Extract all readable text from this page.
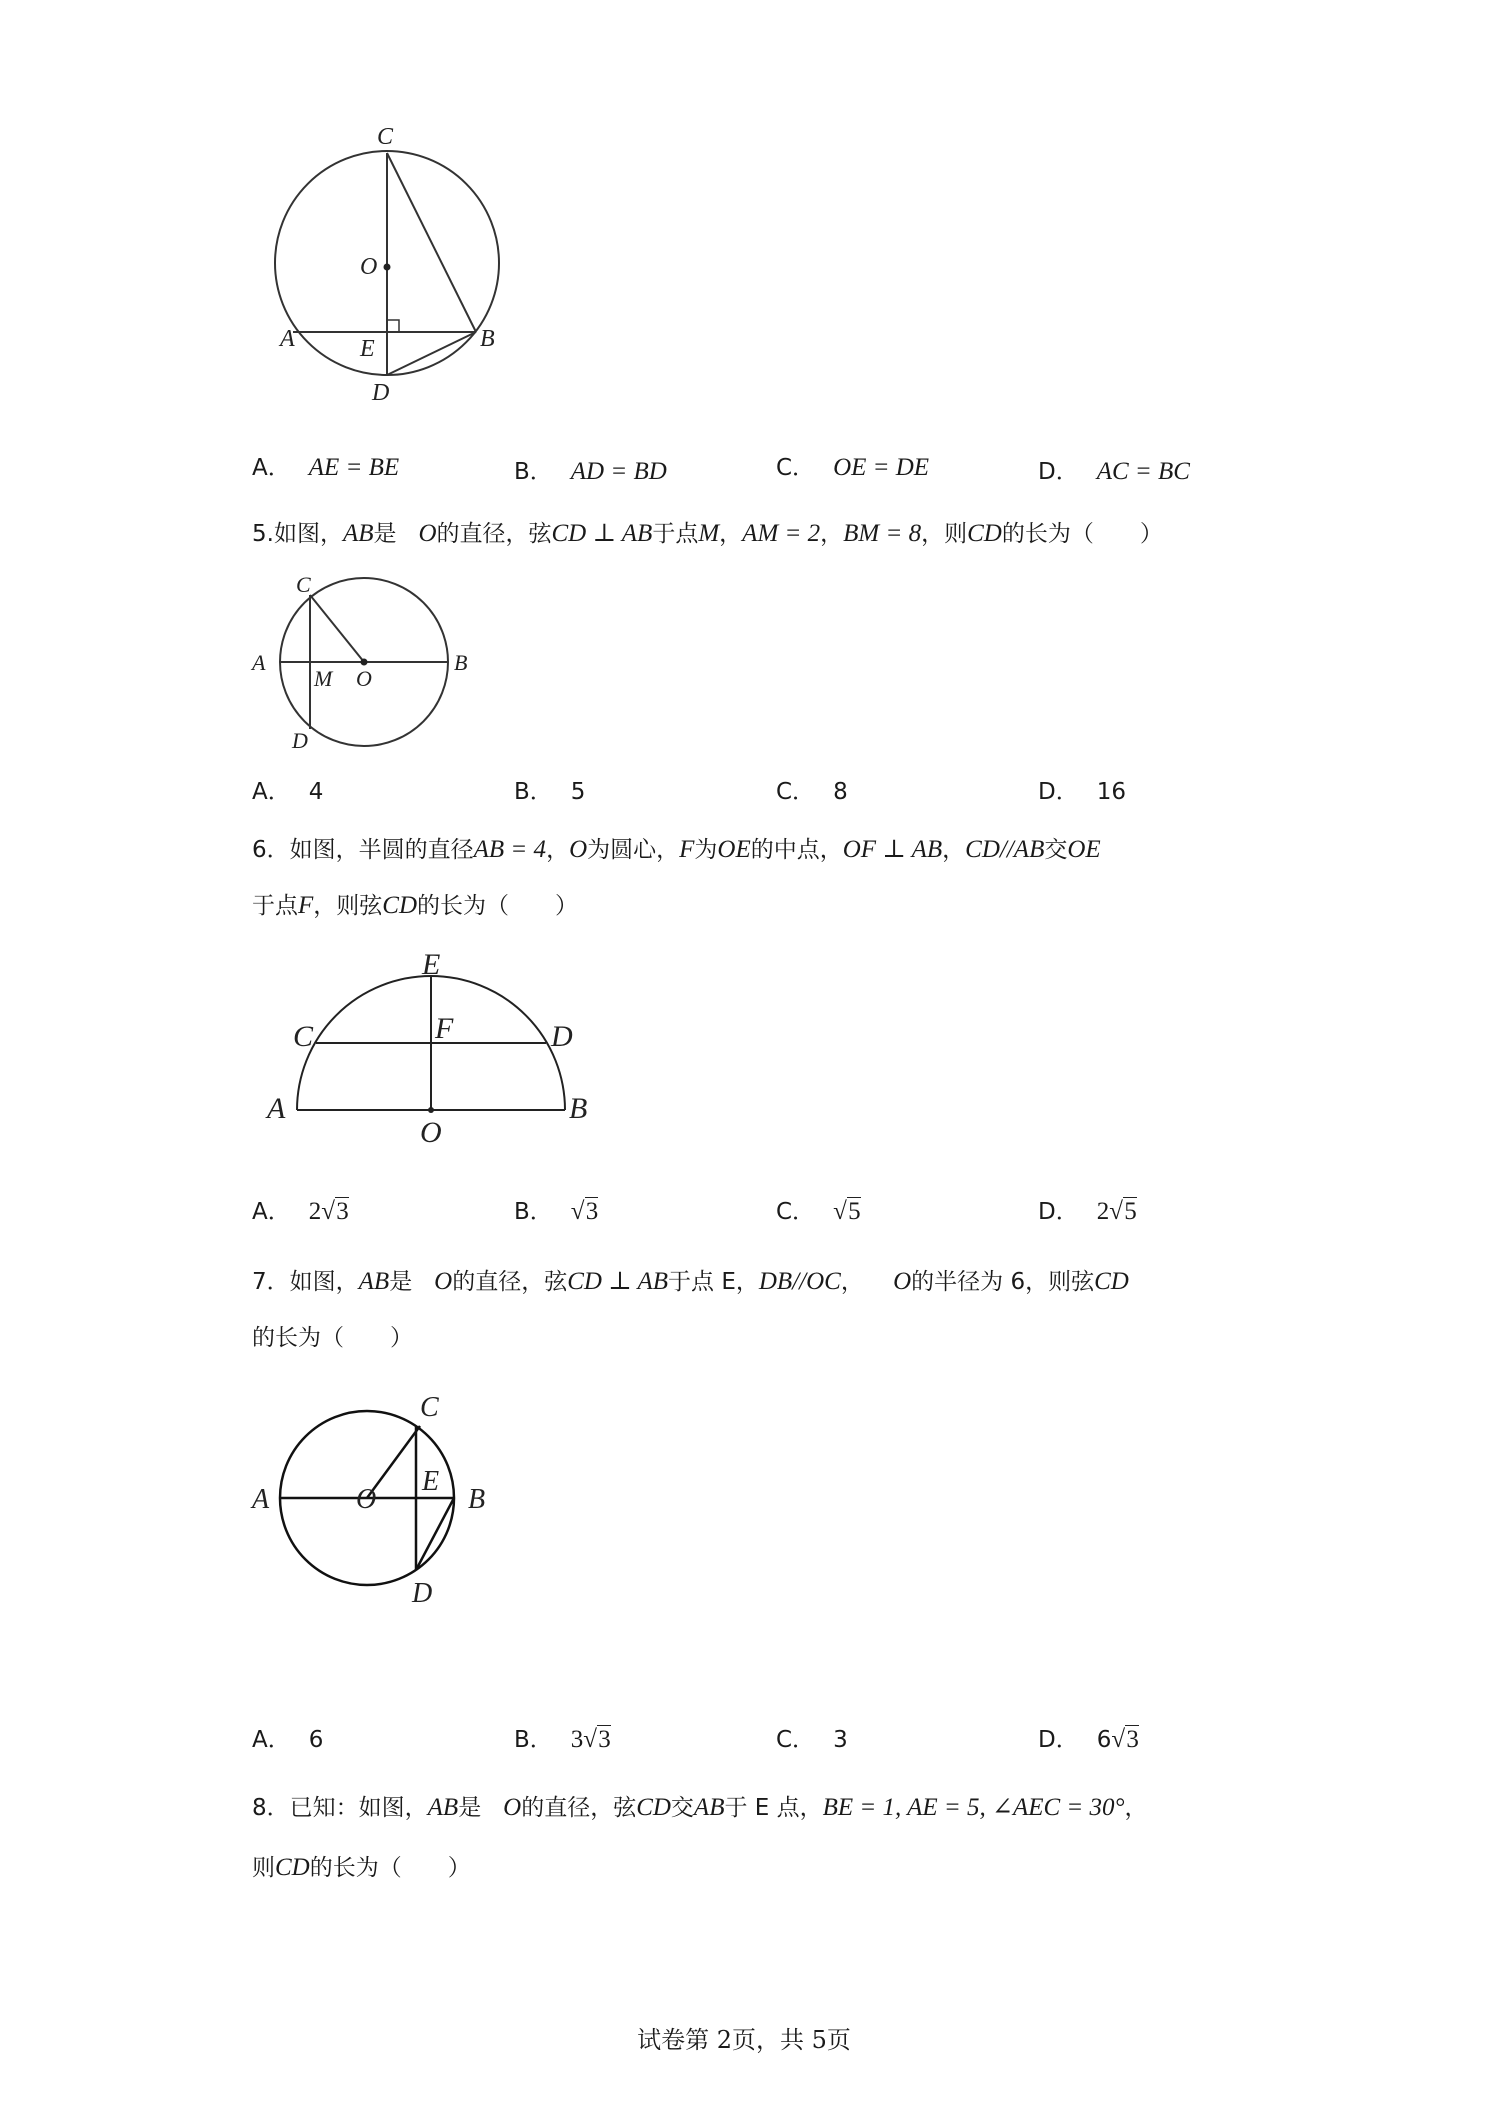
C
O
A	E	B
D
A． AE = BE	B． AD = BD	C． OE = DE	D． AC = BC
5.如图，AB是 O的直径，弦CD ⊥ AB于点M，AM = 2，BM = 8，则CD的长为（　　）
C
A
M O
B
D
A． 4	B． 5	C． 8	D． 16
6．如图，半圆的直径AB = 4，O为圆心，F为OE的中点，OF ⊥ AB，CD//AB交OE
于点F，则弦CD的长为（　　）
E
C	F	D
A
O
B
A． 2 √ 3	B． √ 3	C． √ 5	D． 2 √ 5
7．如图，AB是 O的直径，弦CD ⊥ AB于点 E，DB//OC， O的半径为 6，则弦CD
的长为（　　）
C
E
A	O	B
D
A． 6	B． 3 √ 3	C． 3	D． 6 √ 3
8．已知：如图，AB是 O的直径，弦CD交AB于 E 点，BE = 1, AE = 5, ∠AEC = 30°，
则CD的长为（　　）
试卷第 2页，共 5页
